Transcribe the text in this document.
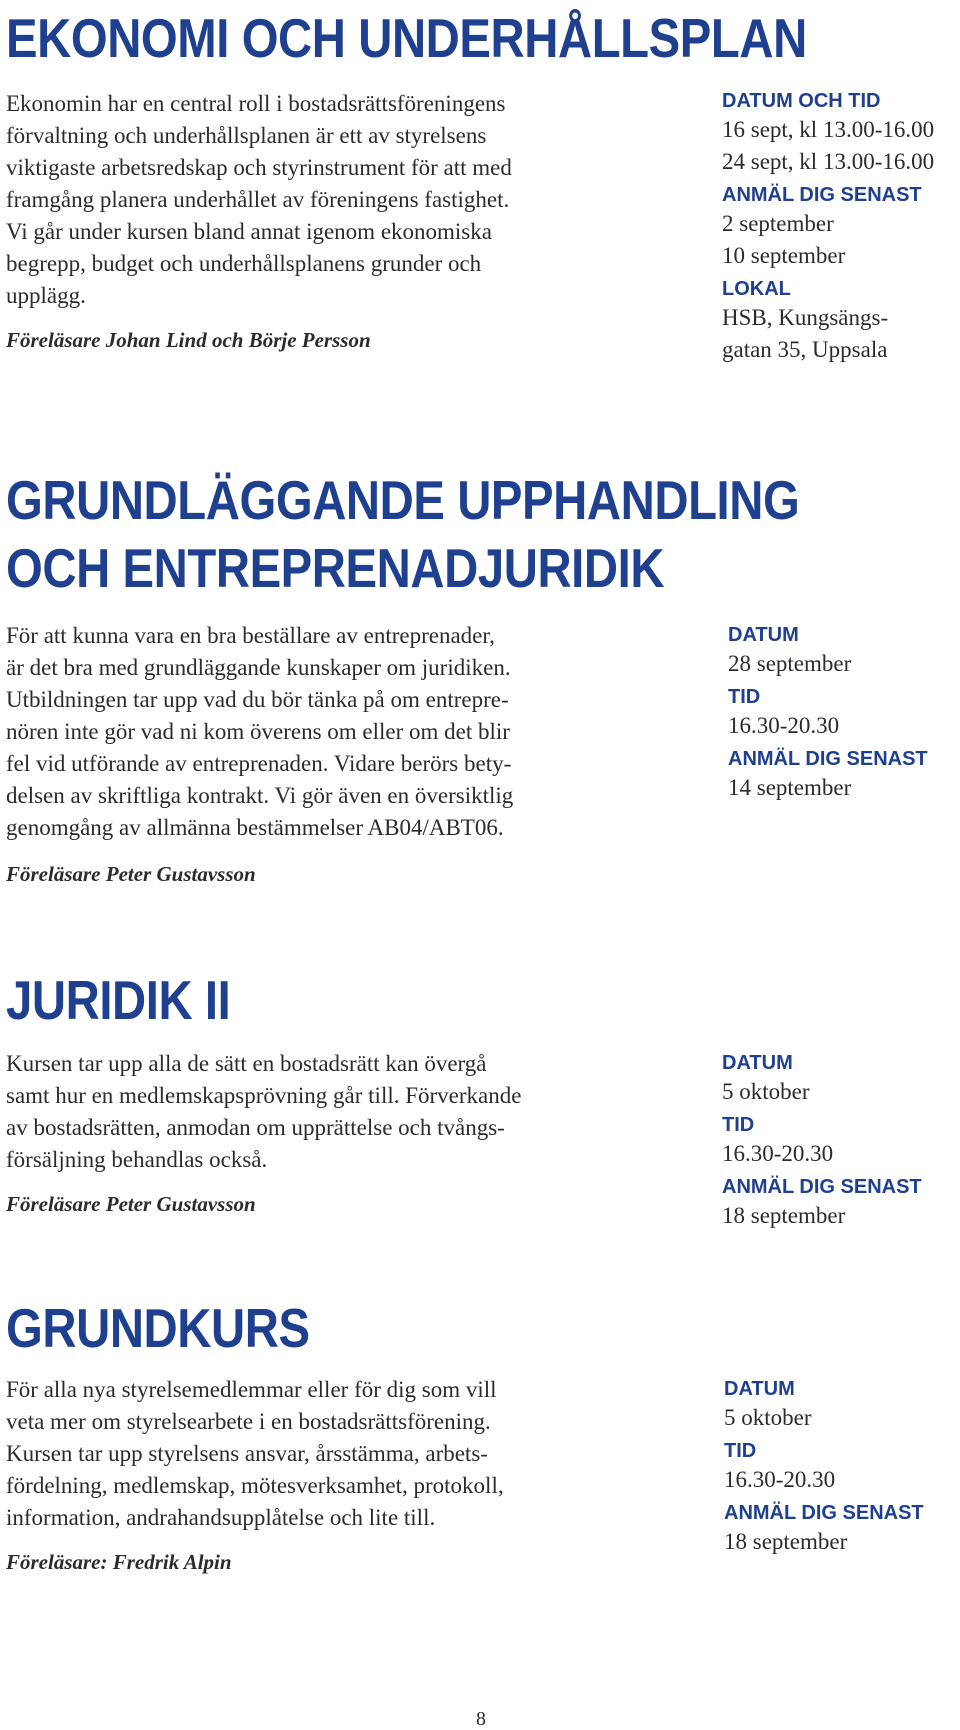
EKONOMI OCH UNDERHÅLLSPLAN

Ekonomin har en central roll i bostadsrättsföreningens
förvaltning och underhållsplanen är ett av styrelsens
viktigaste arbetsredskap och styrinstrument för att med
framgång planera underhållet av föreningens fastighet.
Vi går under kursen bland annat igenom ekonomiska
begrepp, budget och underhållsplanens grunder och
upplägg.

Föreläsare Johan Lind och Börje Persson

DATUM OCH TID
16 sept, kl 13.00-16.00
24 sept, kl 13.00-16.00
ANMÄL DIG SENAST
2 september
10 september
LOKAL
HSB, Kungsängs-
gatan 35, Uppsala
GRUNDLÄGGANDE UPPHANDLING
OCH ENTREPRENADJURIDIK

För att kunna vara en bra beställare av entreprenader,
är det bra med grundläggande kunskaper om juridiken.
Utbildningen tar upp vad du bör tänka på om entrepre-
nören inte gör vad ni kom överens om eller om det blir
fel vid utförande av entreprenaden. Vidare berörs bety-
delsen av skriftliga kontrakt. Vi gör även en översiktlig
genomgång av allmänna bestämmelser AB04/ABT06.

Föreläsare Peter Gustavsson

DATUM
28 september
TID
16.30-20.30
ANMÄL DIG SENAST
14 september
JURIDIK II

Kursen tar upp alla de sätt en bostadsrätt kan övergå
samt hur en medlemskapsprövning går till. Förverkande
av bostadsrätten, anmodan om upprättelse och tvångs-
försäljning behandlas också.

Föreläsare Peter Gustavsson

DATUM
5 oktober
TID
16.30-20.30
ANMÄL DIG SENAST
18 september
GRUNDKURS

För alla nya styrelsemedlemmar eller för dig som vill
veta mer om styrelsearbete i en bostadsrättsförening.
Kursen tar upp styrelsens ansvar, årsstämma, arbets-
fördelning, medlemskap, mötesverksamhet, protokoll,
information, andrahandsupplåtelse och lite till.

Föreläsare: Fredrik Alpin

DATUM
5 oktober
TID
16.30-20.30
ANMÄL DIG SENAST
18 september
8
